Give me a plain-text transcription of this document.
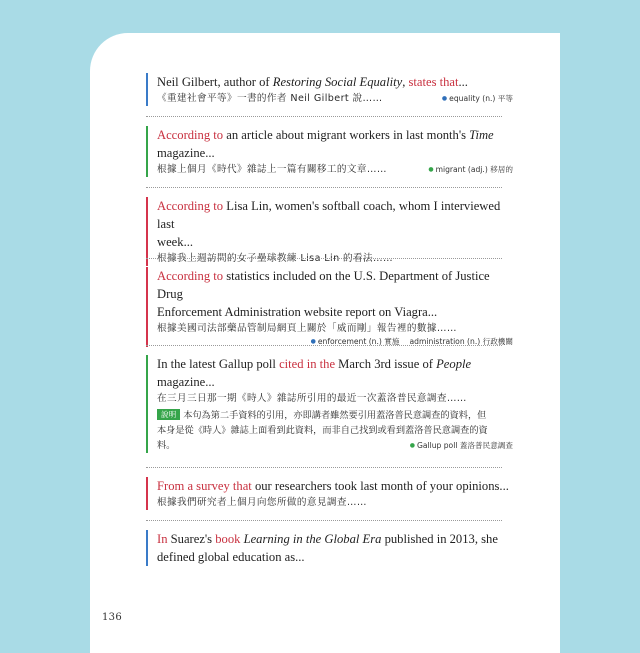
Neil Gilbert, author of Restoring Social Equality, states that...
《重建社會平等》一書的作者 Neil Gilbert 說……	● equality (n.) 平等
According to an article about migrant workers in last month's Time
magazine...
根據上個月《時代》雜誌上一篇有關移工的文章……	● migrant (adj.) 移居的
According to Lisa Lin, women's softball coach, whom I interviewed last
week...
根據我上週訪問的女子壘球教練 Lisa Lin 的看法……
According to statistics included on the U.S. Department of Justice Drug
Enforcement Administration website report on Viagra...
根據美國司法部藥品管制局網頁上關於「威而剛」報告裡的數據……
● enforcement (n.) 實施 administration (n.) 行政機關
In the latest Gallup poll cited in the March 3rd issue of People
magazine...
在三月三日那一期《時人》雜誌所引用的最近一次蓋洛普民意調查……
說明 本句為第二手資料的引用，亦即講者雖然要引用蓋洛普民意調查的資料，但
本身是從《時人》雜誌上面看到此資料，而非自己找到或看到蓋洛普民意調查的資
料。	● Gallup poll 蓋洛普民意調查
From a survey that our researchers took last month of your opinions...
根據我們研究者上個月向您所做的意見調查……
In Suarez's book Learning in the Global Era published in 2013, she
defined global education as...
136
